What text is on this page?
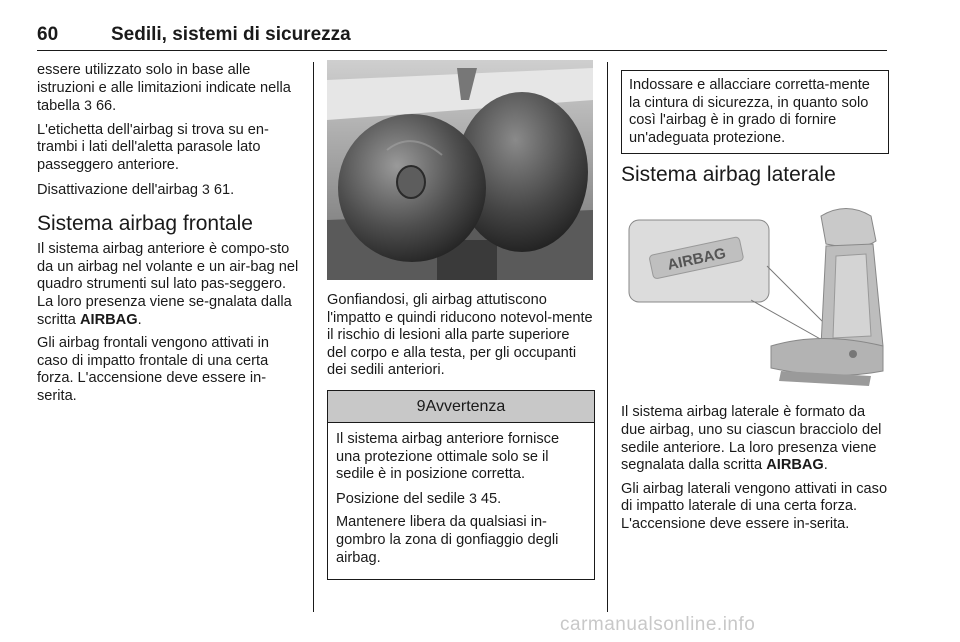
60	Sedili, sistemi di sicurezza

essere utilizzato solo in base alle istruzioni e alle limitazioni indicate nella tabella 3 66.

L'etichetta dell'airbag si trova su en-trambi i lati dell'aletta parasole lato passeggero anteriore.

Disattivazione dell'airbag 3 61.

Sistema airbag frontale

Il sistema airbag anteriore è compo-sto da un airbag nel volante e un air-bag nel quadro strumenti sul lato pas-seggero. La loro presenza viene se-gnalata dalla scritta AIRBAG.

Gli airbag frontali vengono attivati in caso di impatto frontale di una certa forza. L'accensione deve essere in-serita.

Gonfiandosi, gli airbag attutiscono l'impatto e quindi riducono notevol-mente il rischio di lesioni alla parte superiore del corpo e alla testa, per gli occupanti dei sedili anteriori.

9 Avvertenza

Il sistema airbag anteriore fornisce una protezione ottimale solo se il sedile è in posizione corretta.

Posizione del sedile 3 45.

Mantenere libera da qualsiasi in-gombro la zona di gonfiaggio degli airbag.

Indossare e allacciare corretta-mente la cintura di sicurezza, in quanto solo così l'airbag è in grado di fornire un'adeguata protezione.
Sistema airbag laterale
AIRBAG

Il sistema airbag laterale è formato da due airbag, uno su ciascun bracciolo del sedile anteriore. La loro presenza viene segnalata dalla scritta AIRBAG.

Gli airbag laterali vengono attivati in caso di impatto laterale di una certa forza. L'accensione deve essere in-serita.

carmanualsonline.info
